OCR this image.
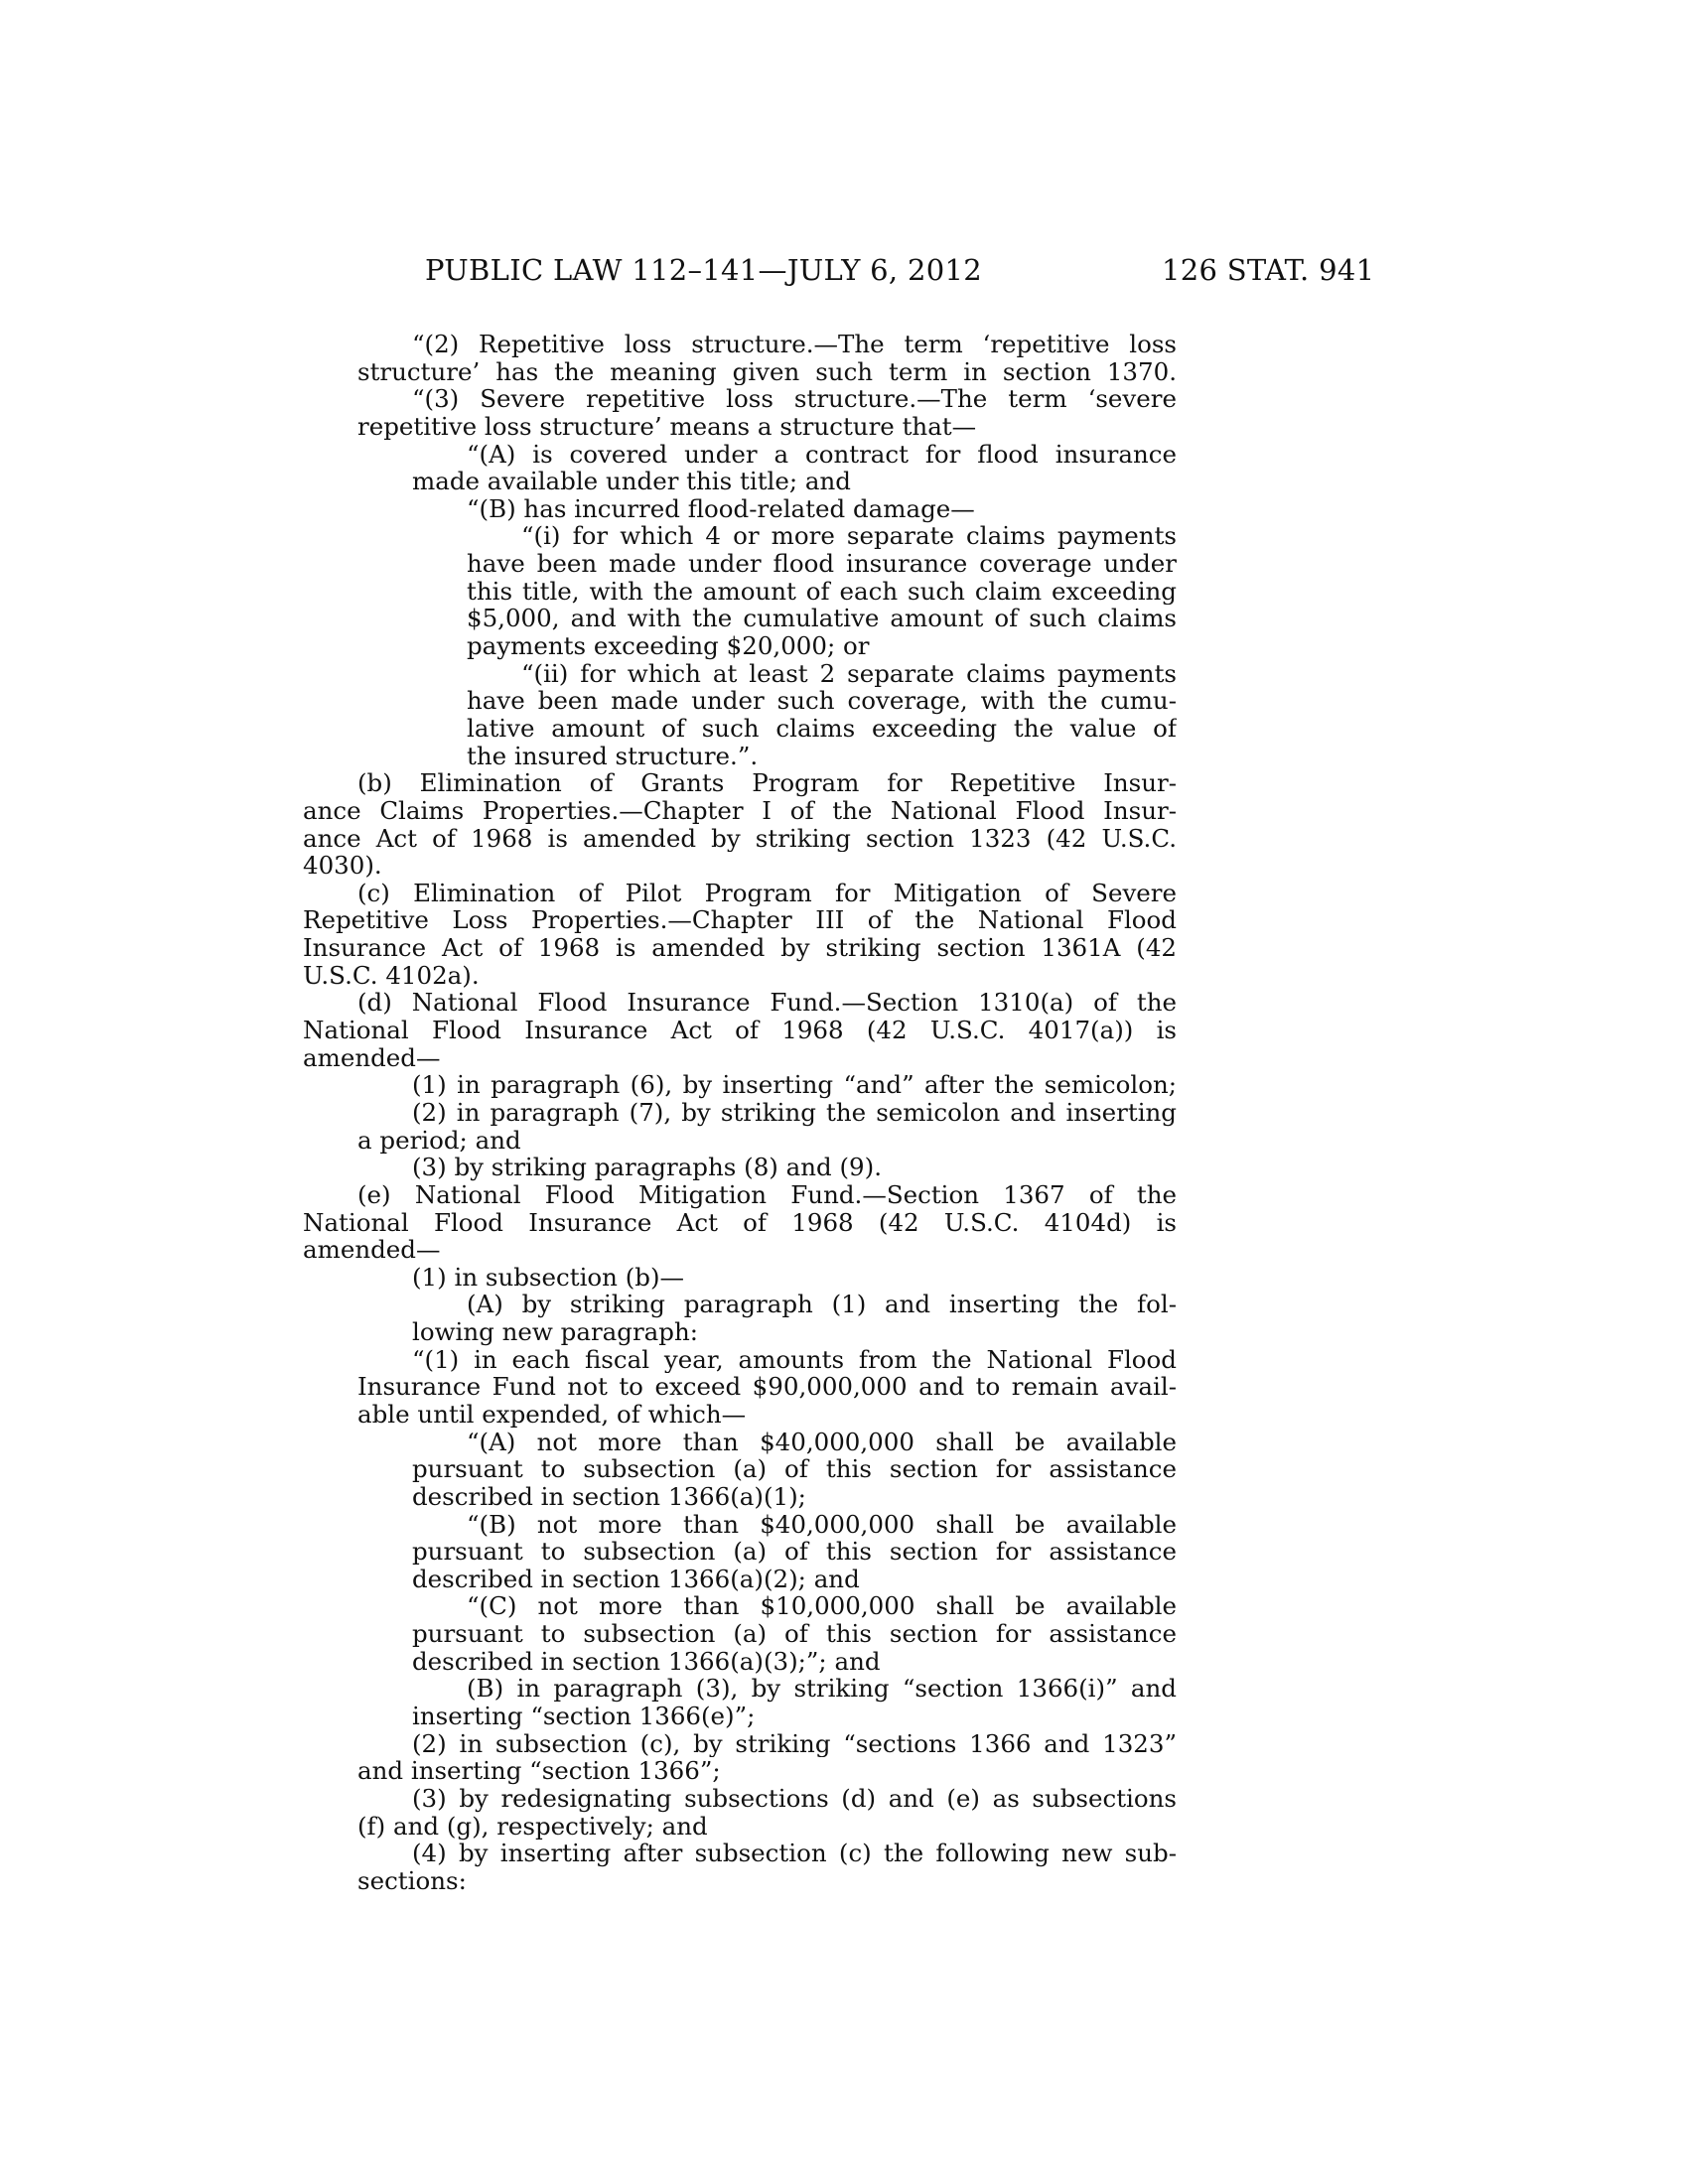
PUBLIC LAW 112–141—JULY 6, 2012	126 STAT. 941
“(2) Repetitive loss structure.—The term ‘repetitive loss
structure’ has the meaning given such term in section 1370.
“(3) Severe repetitive loss structure.—The term ‘severe
repetitive loss structure’ means a structure that—
“(A) is covered under a contract for flood insurance
made available under this title; and
“(B) has incurred flood-related damage—
“(i) for which 4 or more separate claims payments
have been made under flood insurance coverage under
this title, with the amount of each such claim exceeding
$5,000, and with the cumulative amount of such claims
payments exceeding $20,000; or
“(ii) for which at least 2 separate claims payments
have been made under such coverage, with the cumu-
lative amount of such claims exceeding the value of
the insured structure.”.
(b) Elimination of Grants Program for Repetitive Insur-
ance Claims Properties.—Chapter I of the National Flood Insur-
ance Act of 1968 is amended by striking section 1323 (42 U.S.C.
4030).
(c) Elimination of Pilot Program for Mitigation of Severe
Repetitive Loss Properties.—Chapter III of the National Flood
Insurance Act of 1968 is amended by striking section 1361A (42
U.S.C. 4102a).
(d) National Flood Insurance Fund.—Section 1310(a) of the
National Flood Insurance Act of 1968 (42 U.S.C. 4017(a)) is
amended—
(1) in paragraph (6), by inserting “and” after the semicolon;
(2) in paragraph (7), by striking the semicolon and inserting
a period; and
(3) by striking paragraphs (8) and (9).
(e) National Flood Mitigation Fund.—Section 1367 of the
National Flood Insurance Act of 1968 (42 U.S.C. 4104d) is
amended—
(1) in subsection (b)—
(A) by striking paragraph (1) and inserting the fol-
lowing new paragraph:
“(1) in each fiscal year, amounts from the National Flood
Insurance Fund not to exceed $90,000,000 and to remain avail-
able until expended, of which—
“(A) not more than $40,000,000 shall be available
pursuant to subsection (a) of this section for assistance
described in section 1366(a)(1);
“(B) not more than $40,000,000 shall be available
pursuant to subsection (a) of this section for assistance
described in section 1366(a)(2); and
“(C) not more than $10,000,000 shall be available
pursuant to subsection (a) of this section for assistance
described in section 1366(a)(3);”; and
(B) in paragraph (3), by striking “section 1366(i)” and
inserting “section 1366(e)”;
(2) in subsection (c), by striking “sections 1366 and 1323”
and inserting “section 1366”;
(3) by redesignating subsections (d) and (e) as subsections
(f) and (g), respectively; and
(4) by inserting after subsection (c) the following new sub-
sections:
